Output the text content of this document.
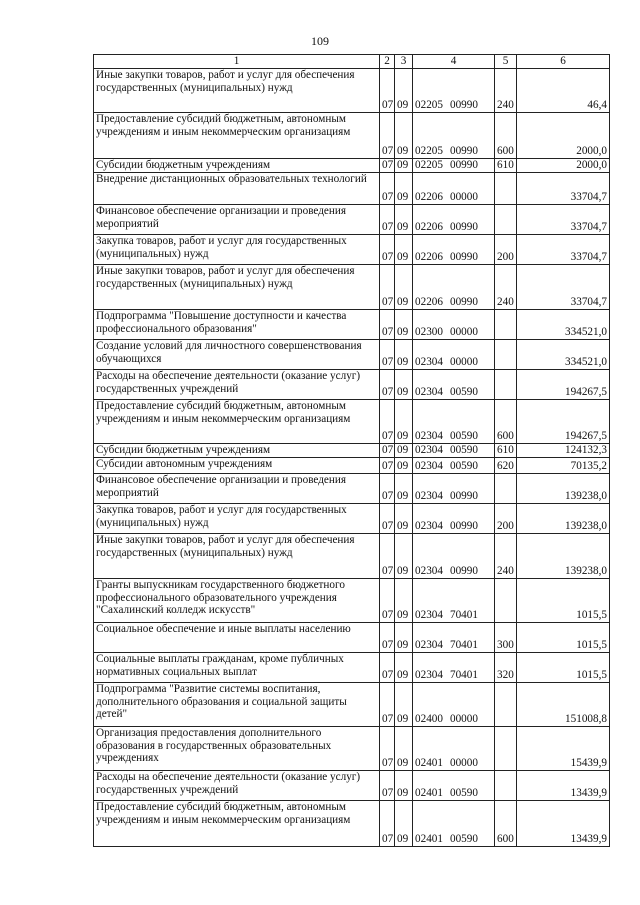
109
1	2	3	4	5	6
Иные закупки товаров, работ и услуг для обеспечения государственных (муниципальных) нужд	07	09	02205 00990	240	46,4
Предоставление субсидий бюджетным, автономным учреждениям и иным некоммерческим организациям	07	09	02205 00990	600	2000,0
Субсидии бюджетным учреждениям	07	09	02205 00990	610	2000,0
Внедрение дистанционных образовательных технологий	07	09	02206 00000		33704,7
Финансовое обеспечение организации и проведения мероприятий	07	09	02206 00990		33704,7
Закупка товаров, работ и услуг для государственных (муниципальных) нужд	07	09	02206 00990	200	33704,7
Иные закупки товаров, работ и услуг для обеспечения государственных (муниципальных) нужд	07	09	02206 00990	240	33704,7
Подпрограмма "Повышение доступности и качества профессионального образования"	07	09	02300 00000		334521,0
Создание условий для личностного совершенствования обучающихся	07	09	02304 00000		334521,0
Расходы на обеспечение деятельности (оказание услуг) государственных учреждений	07	09	02304 00590		194267,5
Предоставление субсидий бюджетным, автономным учреждениям и иным некоммерческим организациям	07	09	02304 00590	600	194267,5
Субсидии бюджетным учреждениям	07	09	02304 00590	610	124132,3
Субсидии автономным учреждениям	07	09	02304 00590	620	70135,2
Финансовое обеспечение организации и проведения мероприятий	07	09	02304 00990		139238,0
Закупка товаров, работ и услуг для государственных (муниципальных) нужд	07	09	02304 00990	200	139238,0
Иные закупки товаров, работ и услуг для обеспечения государственных (муниципальных) нужд	07	09	02304 00990	240	139238,0
Гранты выпускникам государственного бюджетного профессионального образовательного учреждения "Сахалинский колледж искусств"	07	09	02304 70401		1015,5
Социальное обеспечение и иные выплаты населению	07	09	02304 70401	300	1015,5
Социальные выплаты гражданам, кроме публичных нормативных социальных выплат	07	09	02304 70401	320	1015,5
Подпрограмма "Развитие системы воспитания, дополнительного образования и социальной защиты детей"	07	09	02400 00000		151008,8
Организация предоставления дополнительного образования в государственных образовательных учреждениях	07	09	02401 00000		15439,9
Расходы на обеспечение деятельности (оказание услуг) государственных учреждений	07	09	02401 00590		13439,9
Предоставление субсидий бюджетным, автономным учреждениям и иным некоммерческим организациям	07	09	02401 00590	600	13439,9
